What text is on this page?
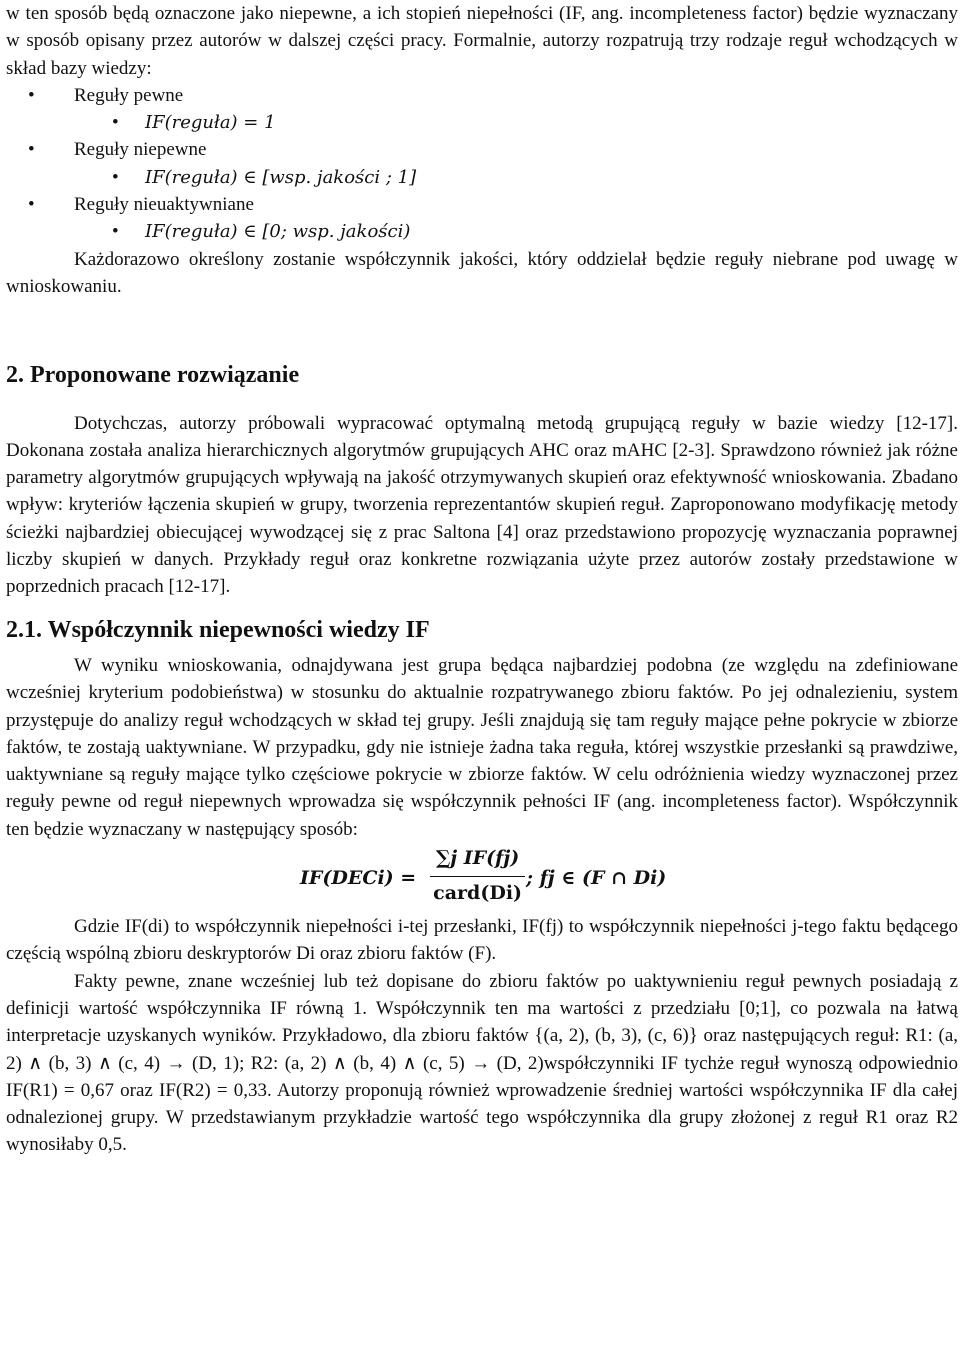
w ten sposób będą oznaczone jako niepewne, a ich stopień niepełności (IF, ang. incompleteness factor) będzie wyznaczany w sposób opisany przez autorów w dalszej części pracy. Formalnie, autorzy rozpatrują trzy rodzaje reguł wchodzących w skład bazy wiedzy:

• Reguły pewne

• IF(reguła) = 1

• Reguły niepewne

• IF(reguła) ∈ [wsp. jakości ; 1]

• Reguły nieuaktywniane

• IF(reguła) ∈ [0; wsp. jakości)

Każdorazowo określony zostanie współczynnik jakości, który oddzielał będzie reguły niebrane pod uwagę w wnioskowaniu.

2. Proponowane rozwiązanie

Dotychczas, autorzy próbowali wypracować optymalną metodą grupującą reguły w bazie wiedzy [12-17]. Dokonana została analiza hierarchicznych algorytmów grupujących AHC oraz mAHC [2-3]. Sprawdzono również jak różne parametry algorytmów grupujących wpływają na jakość otrzymywanych skupień oraz efektywność wnioskowania. Zbadano wpływ: kryteriów łączenia skupień w grupy, tworzenia reprezentantów skupień reguł. Zaproponowano modyfikację metody ścieżki najbardziej obiecującej wywodzącej się z prac Saltona [4] oraz przedstawiono propozycję wyznaczania poprawnej liczby skupień w danych. Przykłady reguł oraz konkretne rozwiązania użyte przez autorów zostały przedstawione w poprzednich pracach [12-17].

2.1. Współczynnik niepewności wiedzy IF

W wyniku wnioskowania, odnajdywana jest grupa będąca najbardziej podobna (ze względu na zdefiniowane wcześniej kryterium podobieństwa) w stosunku do aktualnie rozpatrywanego zbioru faktów. Po jej odnalezieniu, system przystępuje do analizy reguł wchodzących w skład tej grupy. Jeśli znajdują się tam reguły mające pełne pokrycie w zbiorze faktów, te zostają uaktywniane. W przypadku, gdy nie istnieje żadna taka reguła, której wszystkie przesłanki są prawdziwe, uaktywniane są reguły mające tylko częściowe pokrycie w zbiorze faktów. W celu odróżnienia wiedzy wyznaczonej przez reguły pewne od reguł niepewnych wprowadza się współczynnik pełności IF (ang. incompleteness factor). Współczynnik ten będzie wyznaczany w następujący sposób:

IF(DECi) =
∑j IF(fj)
card(Di)
; fj ∈ (F ∩ Di)

Gdzie IF(di) to współczynnik niepełności i-tej przesłanki, IF(fj) to współczynnik niepełności j-tego faktu będącego częścią wspólną zbioru deskryptorów Di oraz zbioru faktów (F).

Fakty pewne, znane wcześniej lub też dopisane do zbioru faktów po uaktywnieniu reguł pewnych posiadają z definicji wartość współczynnika IF równą 1. Współczynnik ten ma wartości z przedziału [0;1], co pozwala na łatwą interpretacje uzyskanych wyników. Przykładowo, dla zbioru faktów {(a, 2), (b, 3), (c, 6)} oraz następujących reguł: R1: (a, 2) ∧ (b, 3) ∧ (c, 4) → (D, 1); R2: (a, 2) ∧ (b, 4) ∧ (c, 5) → (D, 2)współczynniki IF tychże reguł wynoszą odpowiednio IF(R1) = 0,67 oraz IF(R2) = 0,33. Autorzy proponują również wprowadzenie średniej wartości współczynnika IF dla całej odnalezionej grupy. W przedstawianym przykładzie wartość tego współczynnika dla grupy złożonej z reguł R1 oraz R2 wynosiłaby 0,5.
